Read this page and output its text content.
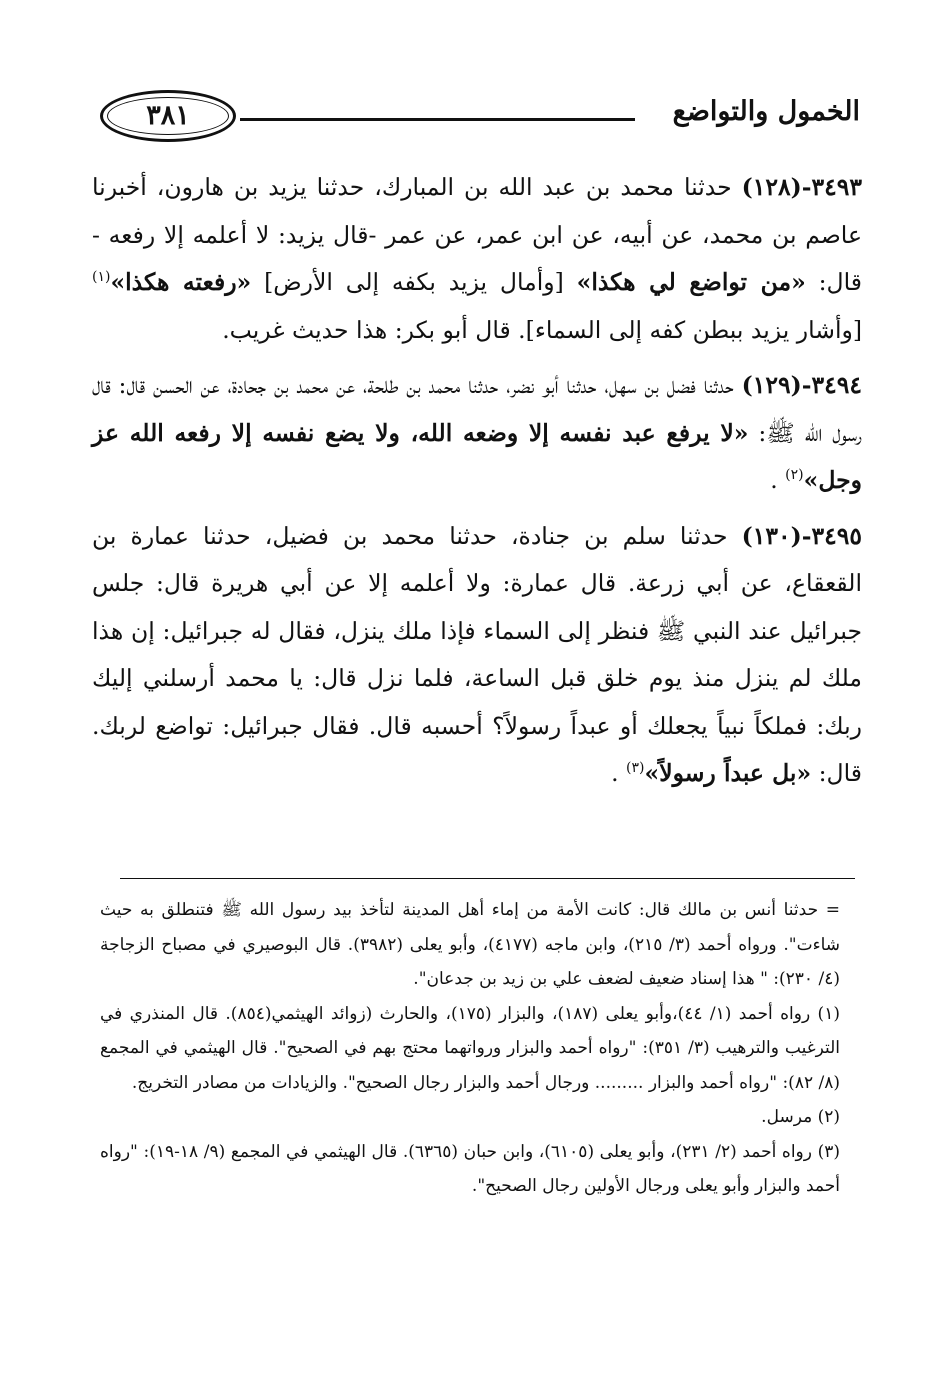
٣٨١	الخمول والتواضع

٣٤٩٣-(١٢٨) حدثنا محمد بن عبد الله بن المبارك، حدثنا يزيد بن هارون، أخبرنا عاصم بن محمد، عن أبيه، عن ابن عمر، عن عمر -قال يزيد: لا أعلمه إلا رفعه - قال: «من تواضع لي هكذا» [وأمال يزيد بكفه إلى الأرض] «رفعته هكذا»$^{(١)}$ [وأشار يزيد ببطن كفه إلى السماء]. قال أبو بكر: هذا حديث غريب.

٣٤٩٤-(١٢٩) حدثنا فضل بن سهل، حدثنا أبو نضر، حدثنا محمد بن طلحة، عن محمد بن جحادة، عن الحسن قال: قال رسول الله ﷺ: «لا يرفع عبد نفسه إلا وضعه الله، ولا يضع نفسه إلا رفعه الله عز وجل»$^{(٢)}$ .

٣٤٩٥-(١٣٠) حدثنا سلم بن جنادة، حدثنا محمد بن فضيل، حدثنا عمارة بن القعقاع، عن أبي زرعة. قال عمارة: ولا أعلمه إلا عن أبي هريرة قال: جلس جبرائيل عند النبي ﷺ فنظر إلى السماء فإذا ملك ينزل، فقال له جبرائيل: إن هذا ملك لم ينزل منذ يوم خلق قبل الساعة، فلما نزل قال: يا محمد أرسلني إليك ربك: فملكاً نبياً يجعلك أو عبداً رسولاً؟ أحسبه قال. فقال جبرائيل: تواضع لربك. قال: «بل عبداً رسولاً»$^{(٣)}$ .

= حدثنا أنس بن مالك قال: كانت الأمة من إماء أهل المدينة لتأخذ بيد رسول الله ﷺ فتنطلق به حيث شاءت". ورواه أحمد (٣/ ٢١٥)، وابن ماجه (٤١٧٧)، وأبو يعلى (٣٩٨٢). قال البوصيري في مصباح الزجاجة (٤/ ٢٣٠): " هذا إسناد ضعيف لضعف علي بن زيد بن جدعان".

(١) رواه أحمد (١/ ٤٤)،وأبو يعلى (١٨٧)، والبزار (١٧٥)، والحارث (زوائد الهيثمي(٨٥٤). قال المنذري في الترغيب والترهيب (٣/ ٣٥١): "رواه أحمد والبزار ورواتهما محتج بهم في الصحيح". قال الهيثمي في المجمع (٨/ ٨٢): "رواه أحمد والبزار ......... ورجال أحمد والبزار رجال الصحيح". والزيادات من مصادر التخريج.

(٢) مرسل.

(٣) رواه أحمد (٢/ ٢٣١)، وأبو يعلى (٦١٠٥)، وابن حبان (٦٣٦٥). قال الهيثمي في المجمع (٩/ ١٨-١٩): "رواه أحمد والبزار وأبو يعلى ورجال الأولين رجال الصحيح".
